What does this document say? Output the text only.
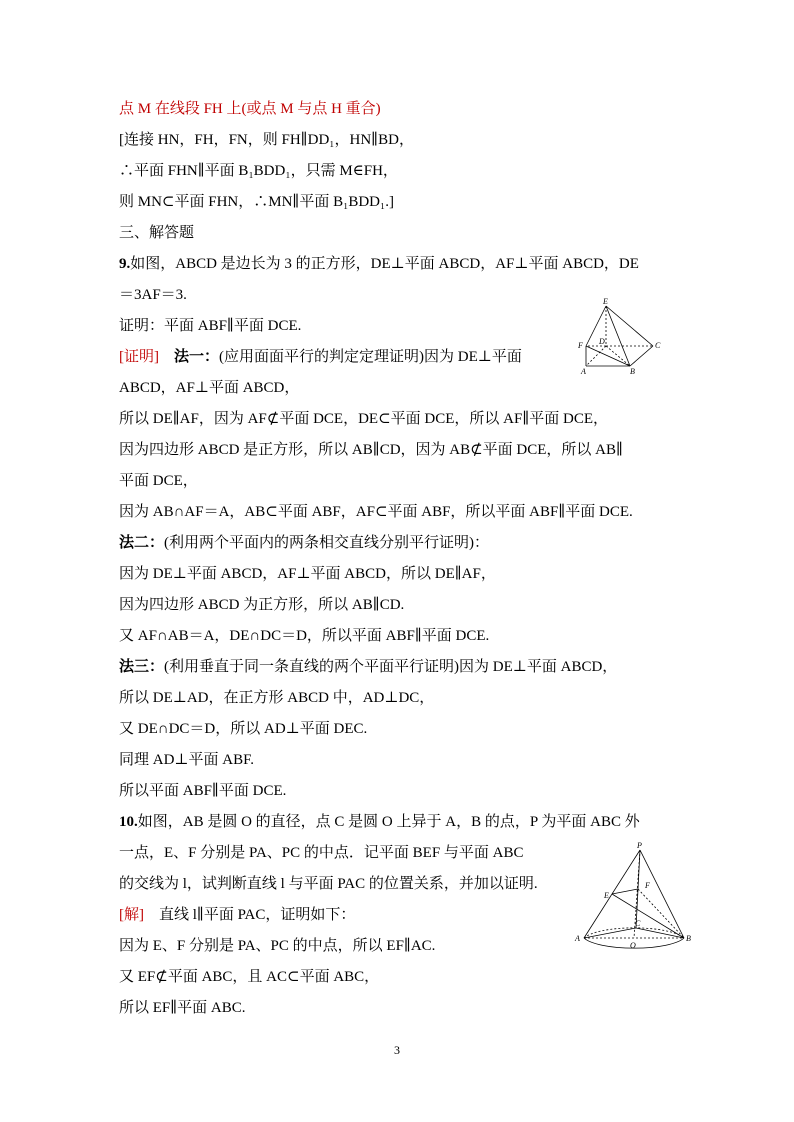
点 M 在线段 FH 上(或点 M 与点 H 重合)
[连接 HN，FH，FN，则 FH∥DD₁，HN∥BD，
∴平面 FHN∥平面 B₁BDD₁，只需 M∈FH，
则 MN⊂平面 FHN，∴MN∥平面 B₁BDD₁.]
三、解答题
9.如图，ABCD 是边长为 3 的正方形，DE⊥平面 ABCD，AF⊥平面 ABCD，DE
＝3AF＝3.
证明：平面 ABF∥平面 DCE.
[证明]　 法一：(应用面面平行的判定定理证明)因为 DE⊥平面
ABCD，AF⊥平面 ABCD，
所以 DE∥AF，因为 AF⊄平面 DCE，DE⊂平面 DCE，所以 AF∥平面 DCE，
因为四边形 ABCD 是正方形，所以 AB∥CD，因为 AB⊄平面 DCE，所以 AB∥
平面 DCE，
因为 AB∩AF＝A，AB⊂平面 ABF，AF⊂平面 ABF，所以平面 ABF∥平面 DCE.
法二：(利用两个平面内的两条相交直线分别平行证明)：
因为 DE⊥平面 ABCD，AF⊥平面 ABCD，所以 DE∥AF，
因为四边形 ABCD 为正方形，所以 AB∥CD.
又 AF∩AB＝A，DE∩DC＝D，所以平面 ABF∥平面 DCE.
法三：(利用垂直于同一条直线的两个平面平行证明)因为 DE⊥平面 ABCD，
所以 DE⊥AD，在正方形 ABCD 中，AD⊥DC，
又 DE∩DC＝D，所以 AD⊥平面 DEC.
同理 AD⊥平面 ABF.
所以平面 ABF∥平面 DCE.
10.如图，AB 是圆 O 的直径，点 C 是圆 O 上异于 A，B 的点，P 为平面 ABC 外
一点，E、F 分别是 PA、PC 的中点．记平面 BEF 与平面 ABC
的交线为 l，试判断直线 l 与平面 PAC 的位置关系，并加以证明.
[解]　直线 l∥平面 PAC，证明如下：
因为 E、F 分别是 PA、PC 的中点，所以 EF∥AC.
又 EF⊄平面 ABC，且 AC⊂平面 ABC，
所以 EF∥平面 ABC.
E
F D	C
A	B
P
F
E
C
A
O
B
3
